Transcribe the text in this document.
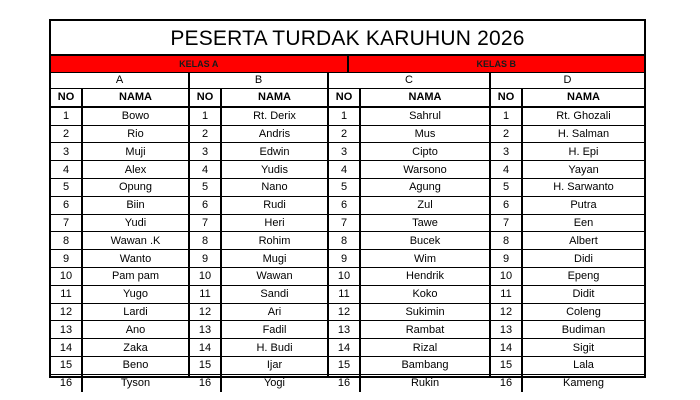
PESERTA TURDAK KARUHUN 2026
KELAS A	KELAS B
A
NO	NAMA
1	Bowo
2	Rio
3	Muji
4	Alex
5	Opung
6	Biin
7	Yudi
8	Wawan .K
9	Wanto
10	Pam pam
11	Yugo
12	Lardi
13	Ano
14	Zaka
15	Beno
16	Tyson
B
NO	NAMA
1	Rt. Derix
2	Andris
3	Edwin
4	Yudis
5	Nano
6	Rudi
7	Heri
8	Rohim
9	Mugi
10	Wawan
11	Sandi
12	Ari
13	Fadil
14	H. Budi
15	Ijar
16	Yogi
C
NO	NAMA
1	Sahrul
2	Mus
3	Cipto
4	Warsono
5	Agung
6	Zul
7	Tawe
8	Bucek
9	Wim
10	Hendrik
11	Koko
12	Sukimin
13	Rambat
14	Rizal
15	Bambang
16	Rukin
D
NO	NAMA
1	Rt. Ghozali
2	H. Salman
3	H. Epi
4	Yayan
5	H. Sarwanto
6	Putra
7	Een
8	Albert
9	Didi
10	Epeng
11	Didit
12	Coleng
13	Budiman
14	Sigit
15	Lala
16	Kameng
